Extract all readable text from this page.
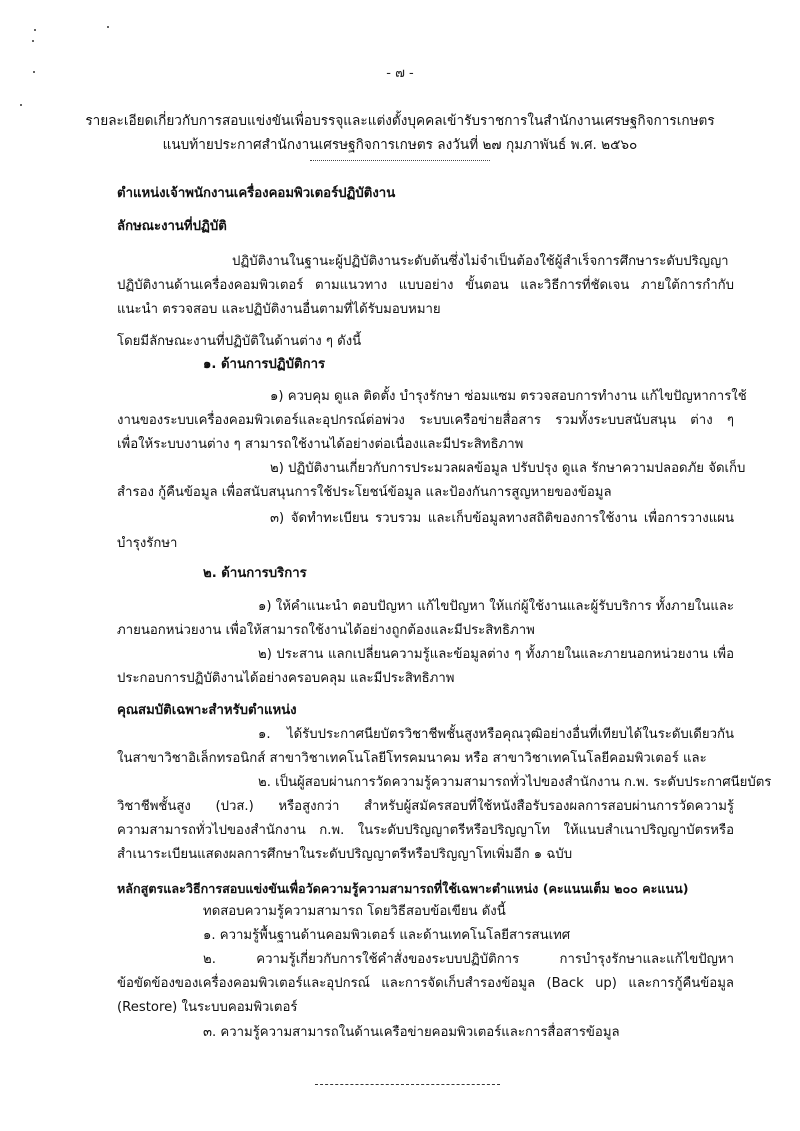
- ๗ -
รายละเอียดเกี่ยวกับการสอบแข่งขันเพื่อบรรจุและแต่งตั้งบุคคลเข้ารับราชการในสำนักงานเศรษฐกิจการเกษตร
แนบท้ายประกาศสำนักงานเศรษฐกิจการเกษตร ลงวันที่ ๒๗ กุมภาพันธ์ พ.ศ. ๒๕๖๐
ตำแหน่งเจ้าพนักงานเครื่องคอมพิวเตอร์ปฏิบัติงาน
ลักษณะงานที่ปฏิบัติ
ปฏิบัติงานในฐานะผู้ปฏิบัติงานระดับต้นซึ่งไม่จำเป็นต้องใช้ผู้สำเร็จการศึกษาระดับปริญญา
ปฏิบัติงานด้านเครื่องคอมพิวเตอร์ ตามแนวทาง แบบอย่าง ขั้นตอน และวิธีการที่ชัดเจน ภายใต้การกำกับ
แนะนำ ตรวจสอบ และปฏิบัติงานอื่นตามที่ได้รับมอบหมาย
โดยมีลักษณะงานที่ปฏิบัติในด้านต่าง ๆ ดังนี้
๑. ด้านการปฏิบัติการ
๑) ควบคุม ดูแล ติดตั้ง บำรุงรักษา ซ่อมแซม ตรวจสอบการทำงาน แก้ไขปัญหาการใช้
งานของระบบเครื่องคอมพิวเตอร์และอุปกรณ์ต่อพ่วง ระบบเครือข่ายสื่อสาร รวมทั้งระบบสนับสนุน ต่าง ๆ
เพื่อให้ระบบงานต่าง ๆ สามารถใช้งานได้อย่างต่อเนื่องและมีประสิทธิภาพ
๒) ปฏิบัติงานเกี่ยวกับการประมวลผลข้อมูล ปรับปรุง ดูแล รักษาความปลอดภัย จัดเก็บ
สำรอง กู้คืนข้อมูล เพื่อสนับสนุนการใช้ประโยชน์ข้อมูล และป้องกันการสูญหายของข้อมูล
๓) จัดทำทะเบียน รวบรวม และเก็บข้อมูลทางสถิติของการใช้งาน เพื่อการวางแผน
บำรุงรักษา
๒. ด้านการบริการ
๑) ให้คำแนะนำ ตอบปัญหา แก้ไขปัญหา ให้แก่ผู้ใช้งานและผู้รับบริการ ทั้งภายในและ
ภายนอกหน่วยงาน เพื่อให้สามารถใช้งานได้อย่างถูกต้องและมีประสิทธิภาพ
๒) ประสาน แลกเปลี่ยนความรู้และข้อมูลต่าง ๆ ทั้งภายในและภายนอกหน่วยงาน เพื่อ
ประกอบการปฏิบัติงานได้อย่างครอบคลุม และมีประสิทธิภาพ
คุณสมบัติเฉพาะสำหรับตำแหน่ง
๑. ได้รับประกาศนียบัตรวิชาชีพชั้นสูงหรือคุณวุฒิอย่างอื่นที่เทียบได้ในระดับเดียวกัน
ในสาขาวิชาอิเล็กทรอนิกส์ สาขาวิชาเทคโนโลยีโทรคมนาคม หรือ สาขาวิชาเทคโนโลยีคอมพิวเตอร์ และ
๒. เป็นผู้สอบผ่านการวัดความรู้ความสามารถทั่วไปของสำนักงาน ก.พ. ระดับประกาศนียบัตร
วิชาชีพชั้นสูง (ปวส.) หรือสูงกว่า สำหรับผู้สมัครสอบที่ใช้หนังสือรับรองผลการสอบผ่านการวัดความรู้
ความสามารถทั่วไปของสำนักงาน ก.พ. ในระดับปริญญาตรีหรือปริญญาโท ให้แนบสำเนาปริญญาบัตรหรือ
สำเนาระเบียนแสดงผลการศึกษาในระดับปริญญาตรีหรือปริญญาโทเพิ่มอีก ๑ ฉบับ
หลักสูตรและวิธีการสอบแข่งขันเพื่อวัดความรู้ความสามารถที่ใช้เฉพาะตำแหน่ง (คะแนนเต็ม ๒๐๐ คะแนน)
ทดสอบความรู้ความสามารถ โดยวิธีสอบข้อเขียน ดังนี้
๑. ความรู้พื้นฐานด้านคอมพิวเตอร์ และด้านเทคโนโลยีสารสนเทศ
๒. ความรู้เกี่ยวกับการใช้คำสั่งของระบบปฏิบัติการ การบำรุงรักษาและแก้ไขปัญหา
ข้อขัดข้องของเครื่องคอมพิวเตอร์และอุปกรณ์ และการจัดเก็บสำรองข้อมูล (Back up) และการกู้คืนข้อมูล
(Restore) ในระบบคอมพิวเตอร์
๓. ความรู้ความสามารถในด้านเครือข่ายคอมพิวเตอร์และการสื่อสารข้อมูล
